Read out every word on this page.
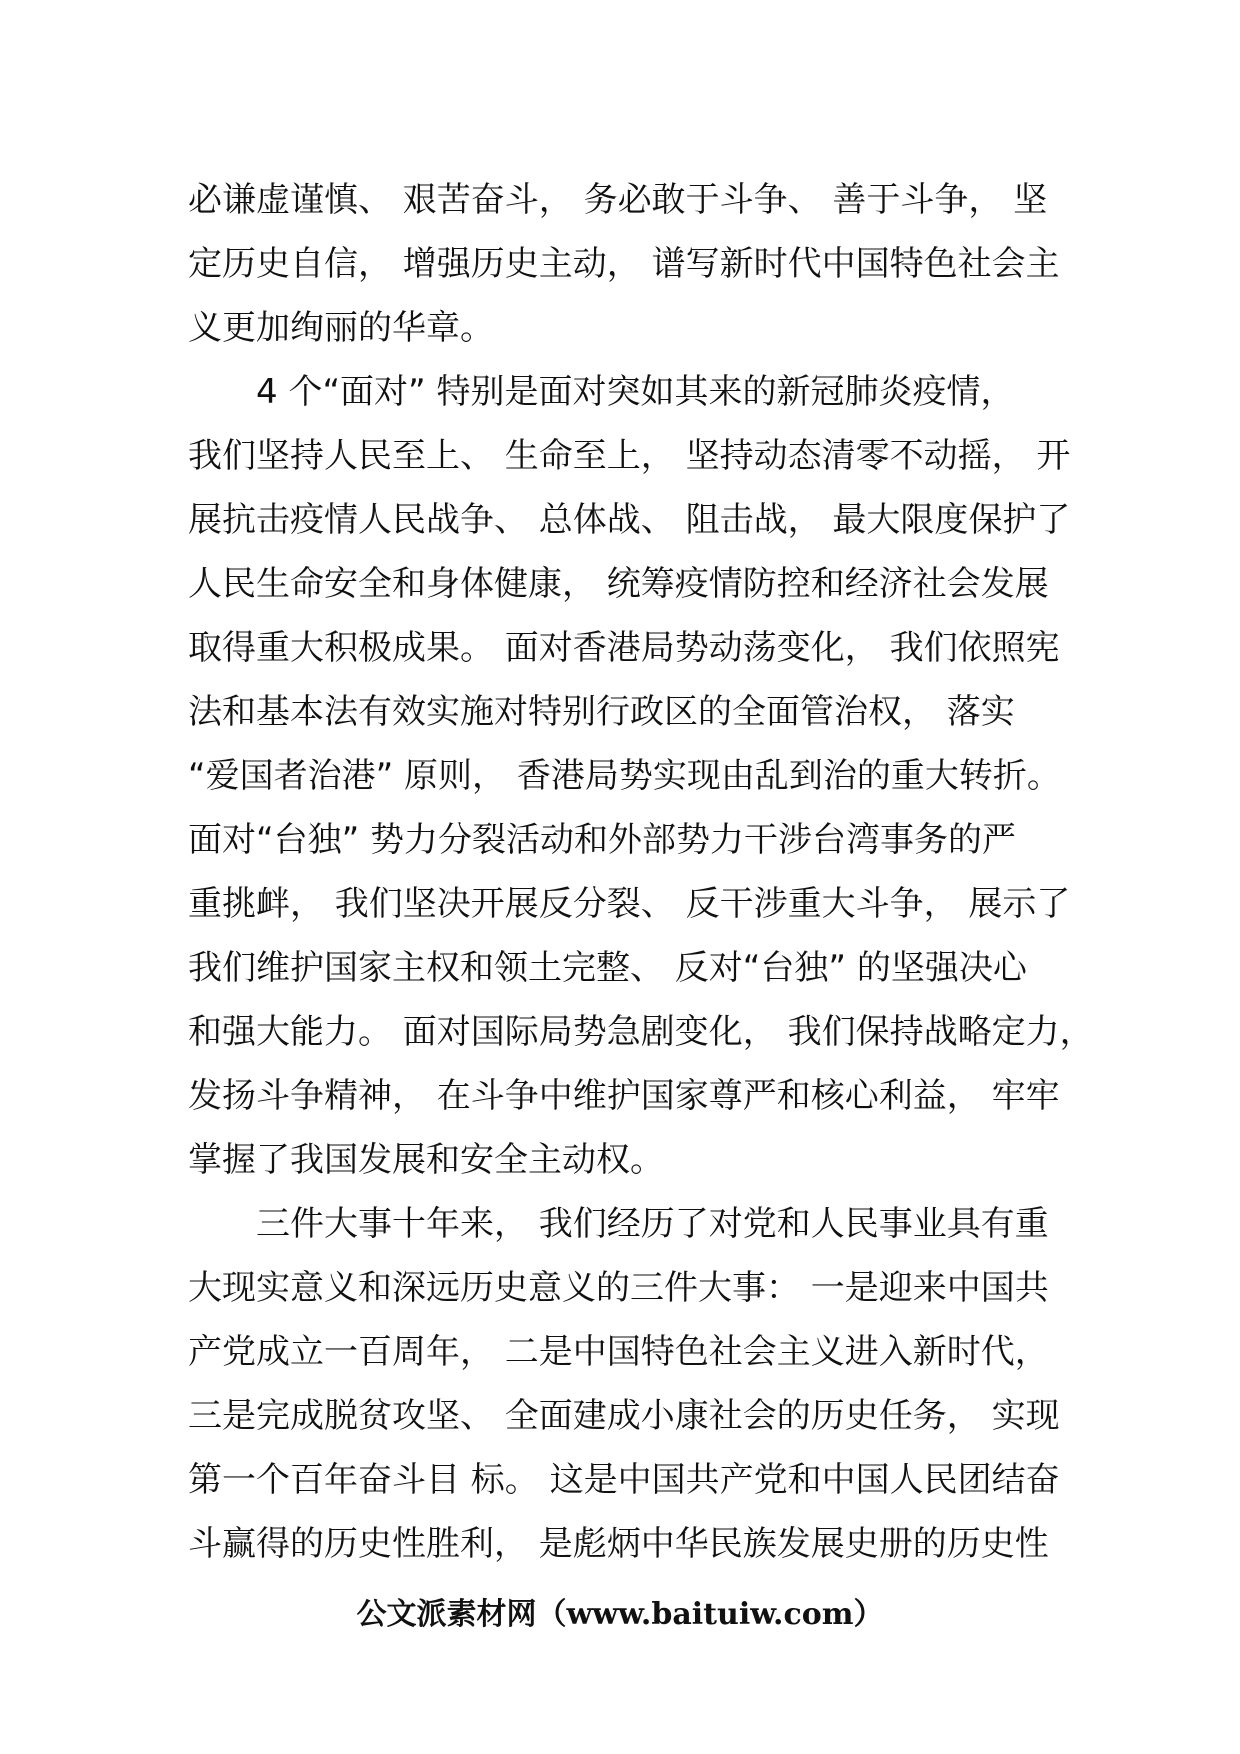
必谦虚谨慎、 艰苦奋斗， 务必敢于斗争、 善于斗争， 坚
定历史自信， 增强历史主动， 谱写新时代中国特色社会主
义更加绚丽的华章。
4 个“面对” 特别是面对突如其来的新冠肺炎疫情，
我们坚持人民至上、 生命至上， 坚持动态清零不动摇， 开
展抗击疫情人民战争、 总体战、 阻击战， 最大限度保护了
人民生命安全和身体健康， 统筹疫情防控和经济社会发展
取得重大积极成果。 面对香港局势动荡变化， 我们依照宪
法和基本法有效实施对特别行政区的全面管治权， 落实
“爱国者治港” 原则， 香港局势实现由乱到治的重大转折。
面对“台独” 势力分裂活动和外部势力干涉台湾事务的严
重挑衅， 我们坚决开展反分裂、 反干涉重大斗争， 展示了
我们维护国家主权和领土完整、 反对“台独” 的坚强决心
和强大能力。 面对国际局势急剧变化， 我们保持战略定力，
发扬斗争精神， 在斗争中维护国家尊严和核心利益， 牢牢
掌握了我国发展和安全主动权。
三件大事十年来， 我们经历了对党和人民事业具有重
大现实意义和深远历史意义的三件大事： 一是迎来中国共
产党成立一百周年， 二是中国特色社会主义进入新时代，
三是完成脱贫攻坚、 全面建成小康社会的历史任务， 实现
第一个百年奋斗目 标。 这是中国共产党和中国人民团结奋
斗赢得的历史性胜利， 是彪炳中华民族发展史册的历史性
公文派素材网（www.baituiw.com）
